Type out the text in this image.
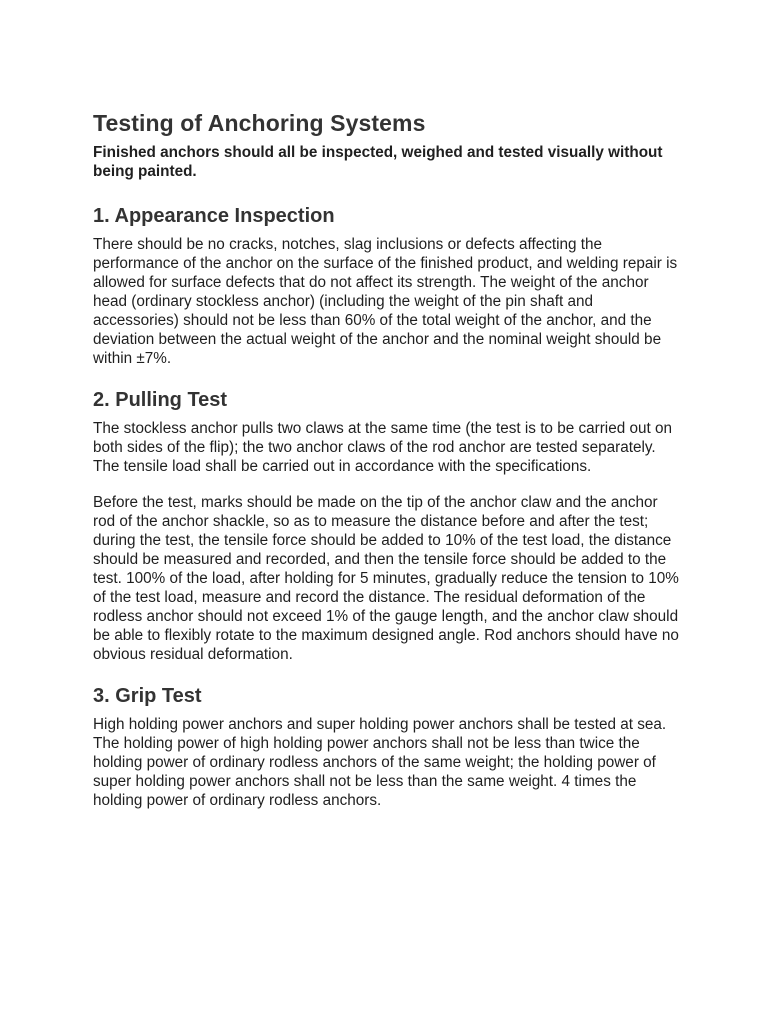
Testing of Anchoring Systems

Finished anchors should all be inspected, weighed and tested visually without being painted.

1. Appearance Inspection

There should be no cracks, notches, slag inclusions or defects affecting the performance of the anchor on the surface of the finished product, and welding repair is allowed for surface defects that do not affect its strength. The weight of the anchor head (ordinary stockless anchor) (including the weight of the pin shaft and accessories) should not be less than 60% of the total weight of the anchor, and the deviation between the actual weight of the anchor and the nominal weight should be within ±7%.

2. Pulling Test

The stockless anchor pulls two claws at the same time (the test is to be carried out on both sides of the flip); the two anchor claws of the rod anchor are tested separately. The tensile load shall be carried out in accordance with the specifications.

Before the test, marks should be made on the tip of the anchor claw and the anchor rod of the anchor shackle, so as to measure the distance before and after the test; during the test, the tensile force should be added to 10% of the test load, the distance should be measured and recorded, and then the tensile force should be added to the test. 100% of the load, after holding for 5 minutes, gradually reduce the tension to 10% of the test load, measure and record the distance. The residual deformation of the rodless anchor should not exceed 1% of the gauge length, and the anchor claw should be able to flexibly rotate to the maximum designed angle. Rod anchors should have no obvious residual deformation.

3. Grip Test

High holding power anchors and super holding power anchors shall be tested at sea. The holding power of high holding power anchors shall not be less than twice the holding power of ordinary rodless anchors of the same weight; the holding power of super holding power anchors shall not be less than the same weight. 4 times the holding power of ordinary rodless anchors.
